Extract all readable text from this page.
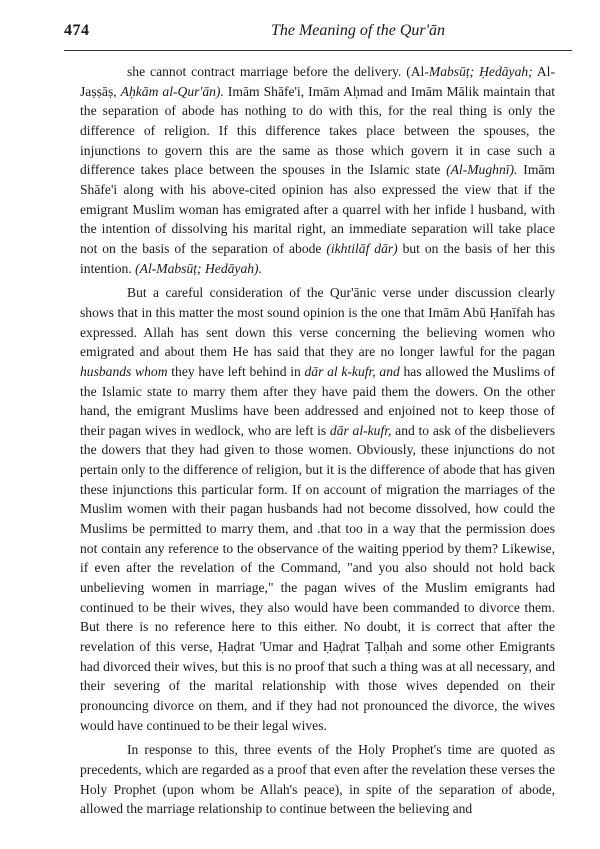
474	The Meaning of the Qur'ān

she cannot contract marriage before the delivery. (Al-Mabsūṭ; Ḥedāyah; Al-Jaṣṣāṣ, Aḥkām al-Qur'ān). Imām Shāfe'i, Imām Aḥmad and Imām Mālik maintain that the separation of abode has nothing to do with this, for the real thing is only the difference of religion. If this difference takes place between the spouses, the injunctions to govern this are the same as those which govern it in case such a difference takes place between the spouses in the Islamic state (Al-Mughnī). Imām Shāfe'i along with his above-cited opinion has also expressed the view that if the emigrant Muslim woman has emigrated after a quarrel with her infide l husband, with the intention of dissolving his marital right, an immediate separation will take place not on the basis of the separation of abode (ikhtilāf dār) but on the basis of her this intention. (Al-Mabsūṭ; Hedāyah).

But a careful consideration of the Qur'ānic verse under discussion clearly shows that in this matter the most sound opinion is the one that Imām Abū Ḥanīfah has expressed. Allah has sent down this verse concerning the believing women who emigrated and about them He has said that they are no longer lawful for the pagan husbands whom they have left behind in dār al k-kufr, and has allowed the Muslims of the Islamic state to marry them after they have paid them the dowers. On the other hand, the emigrant Muslims have been addressed and enjoined not to keep those of their pagan wives in wedlock, who are left is dār al-kufr, and to ask of the disbelievers the dowers that they had given to those women. Obviously, these injunctions do not pertain only to the difference of religion, but it is the difference of abode that has given these injunctions this particular form. If on account of migration the marriages of the Muslim women with their pagan husbands had not become dissolved, how could the Muslims be permitted to marry them, and .that too in a way that the permission does not contain any reference to the observance of the waiting pperiod by them? Likewise, if even after the revelation of the Command, "and you also should not hold back unbelieving women in marriage," the pagan wives of the Muslim emigrants had continued to be their wives, they also would have been commanded to divorce them. But there is no reference here to this either. No doubt, it is correct that after the revelation of this verse, Ḥaḍrat 'Umar and Ḥaḍrat Ṭalḥah and some other Emigrants had divorced their wives, but this is no proof that such a thing was at all necessary, and their severing of the marital relationship with those wives depended on their pronouncing divorce on them, and if they had not pronounced the divorce, the wives would have continued to be their legal wives.

In response to this, three events of the Holy Prophet's time are quoted as precedents, which are regarded as a proof that even after the revelation these verses the Holy Prophet (upon whom be Allah's peace), in spite of the separation of abode, allowed the marriage relationship to continue between the believing and
